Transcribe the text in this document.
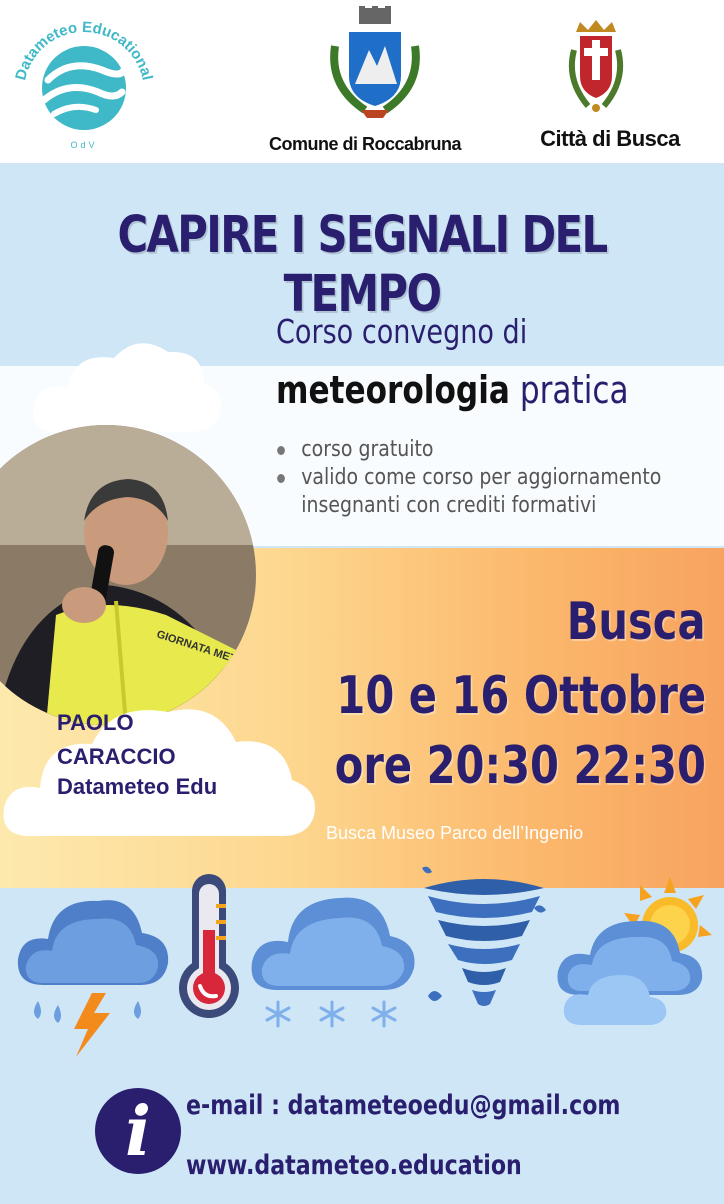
Datameteo Educational
OdV	Comune di Roccabruna	Città di Busca
CAPIRE I SEGNALI DEL TEMPO
Corso convegno di
meteorologia pratica
corso gratuito
valido come corso per aggiornamento
insegnanti con crediti formativi
GIORNATA METEO
PAOLO
CARACCIO
Datameteo Edu
Busca
10 e 16 Ottobre
ore 20:30 22:30
Busca Museo Parco dell’Ingenio
i	e-mail : datameteoedu@gmail.com
www.datameteo.education
